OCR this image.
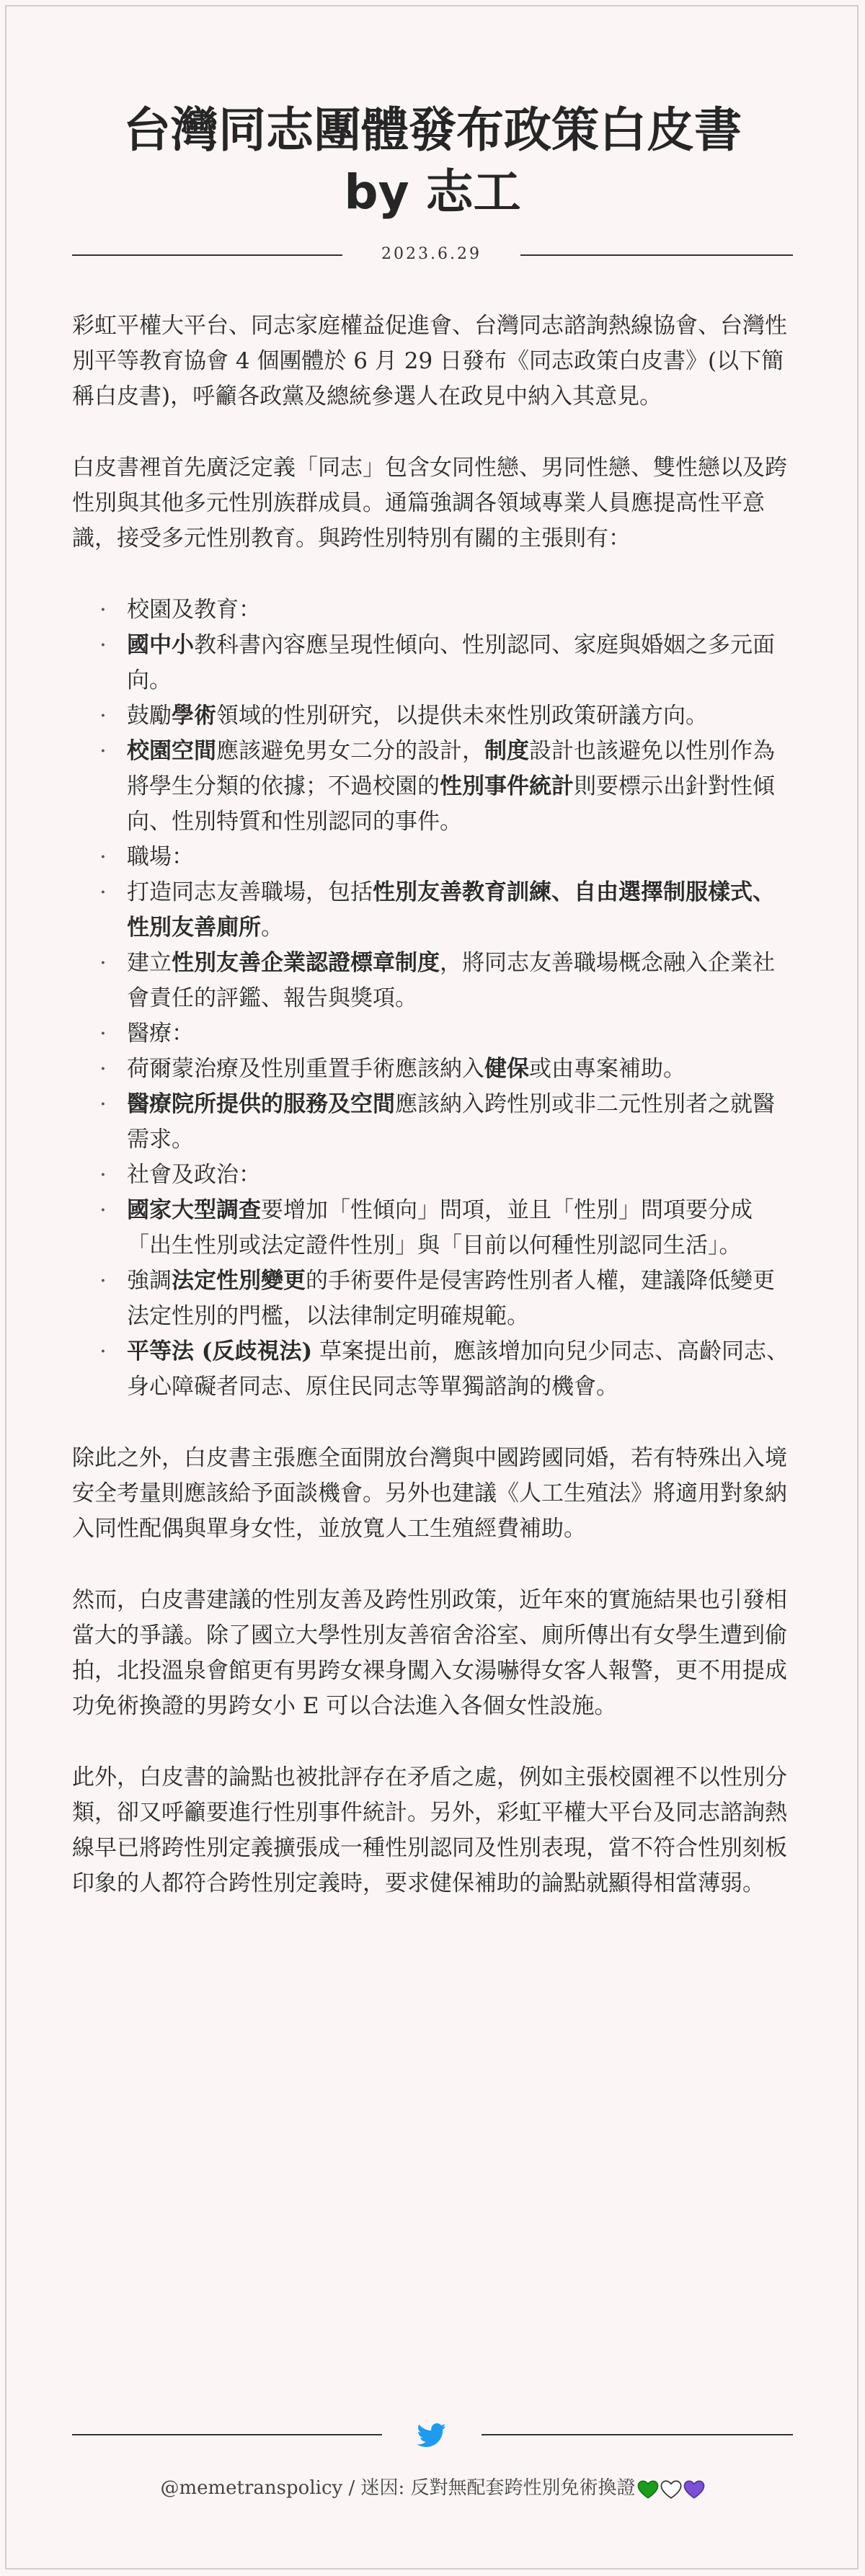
台灣同志團體發布政策白皮書
by 志工
2023.6.29

彩虹平權大平台、同志家庭權益促進會、台灣同志諮詢熱線協會、台灣性別平等教育協會 4 個團體於 6 月 29 日發布《同志政策白皮書》(以下簡稱白皮書)，呼籲各政黨及總統參選人在政見中納入其意見。

白皮書裡首先廣泛定義「同志」包含女同性戀、男同性戀、雙性戀以及跨性別與其他多元性別族群成員。通篇強調各領域專業人員應提高性平意識，接受多元性別教育。與跨性別特別有關的主張則有：

· 校園及教育：
· 國中小教科書內容應呈現性傾向、性別認同、家庭與婚姻之多元面向。
· 鼓勵學術領域的性別研究，以提供未來性別政策研議方向。
· 校園空間應該避免男女二分的設計，制度設計也該避免以性別作為將學生分類的依據；不過校園的性別事件統計則要標示出針對性傾向、性別特質和性別認同的事件。
· 職場：
· 打造同志友善職場，包括性別友善教育訓練、自由選擇制服樣式、性別友善廁所。
· 建立性別友善企業認證標章制度，將同志友善職場概念融入企業社會責任的評鑑、報告與獎項。
· 醫療：
· 荷爾蒙治療及性別重置手術應該納入健保或由專案補助。
· 醫療院所提供的服務及空間應該納入跨性別或非二元性別者之就醫需求。
· 社會及政治：
· 國家大型調查要增加「性傾向」問項，並且「性別」問項要分成「出生性別或法定證件性別」與「目前以何種性別認同生活」。
· 強調法定性別變更的手術要件是侵害跨性別者人權，建議降低變更法定性別的門檻，以法律制定明確規範。
· 平等法 (反歧視法) 草案提出前，應該增加向兒少同志、高齡同志、身心障礙者同志、原住民同志等單獨諮詢的機會。

除此之外，白皮書主張應全面開放台灣與中國跨國同婚，若有特殊出入境安全考量則應該給予面談機會。另外也建議《人工生殖法》將適用對象納入同性配偶與單身女性，並放寬人工生殖經費補助。

然而，白皮書建議的性別友善及跨性別政策，近年來的實施結果也引發相當大的爭議。除了國立大學性別友善宿舍浴室、廁所傳出有女學生遭到偷拍，北投溫泉會館更有男跨女裸身闖入女湯嚇得女客人報警，更不用提成功免術換證的男跨女小 E 可以合法進入各個女性設施。

此外，白皮書的論點也被批評存在矛盾之處，例如主張校園裡不以性別分類，卻又呼籲要進行性別事件統計。另外，彩虹平權大平台及同志諮詢熱線早已將跨性別定義擴張成一種性別認同及性別表現，當不符合性別刻板印象的人都符合跨性別定義時，要求健保補助的論點就顯得相當薄弱。

@memetranspolicy / 迷因: 反對無配套跨性別免術換證
